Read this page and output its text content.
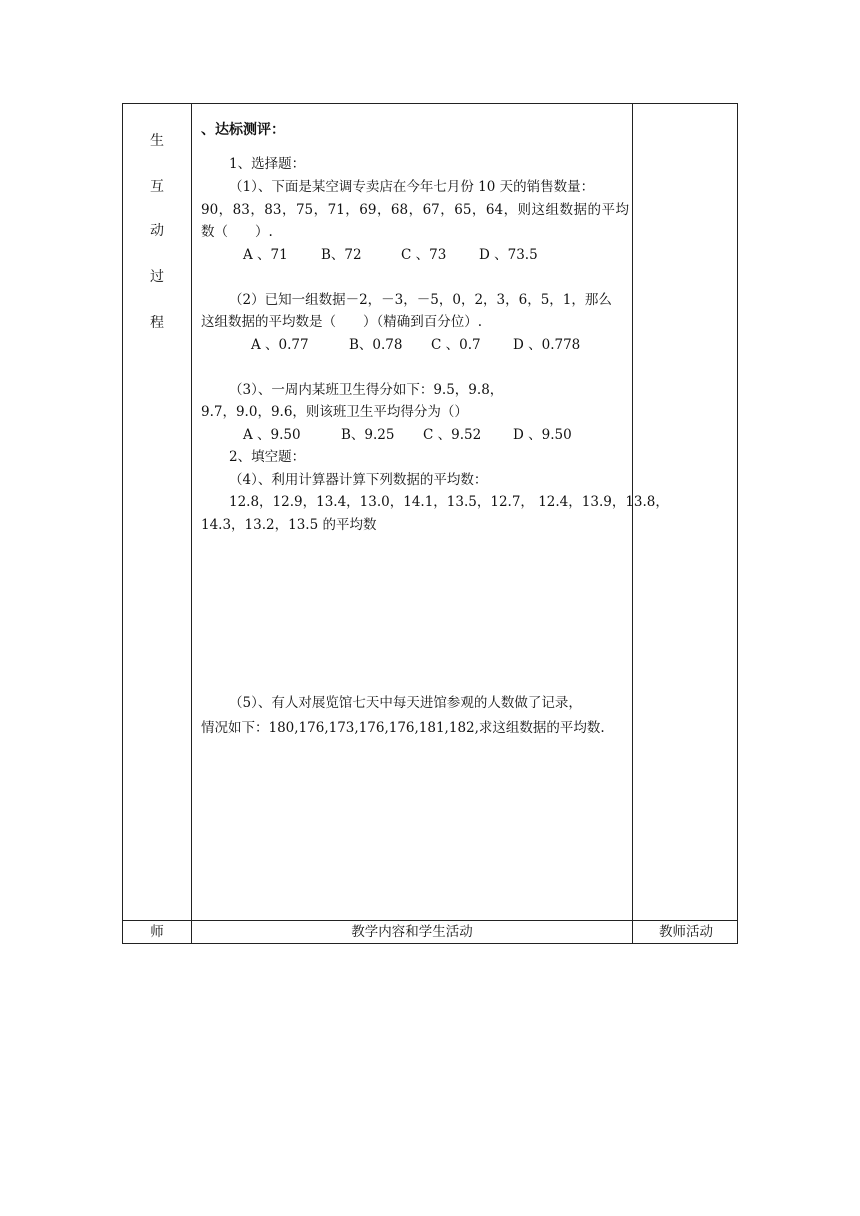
生
互
动
过
程
、达标测评：
1、选择题：
（1）、下面是某空调专卖店在今年七月份 10 天的销售数量：
90，83，83，75，71，69，68，67，65，64，则这组数据的平均
数（　　）.
A 、71 B、72	C 、73 D 、73.5
（2）已知一组数据－2，－3，－5，0，2，3，6，5，1，那么
这组数据的平均数是（　　）（精确到百分位）.
A 、0.77	B、0.78 C 、0.7 D 、0.778
（3）、一周内某班卫生得分如下：9.5，9.8，
9.7，9.0，9.6，则该班卫生平均得分为（）
A 、9.50	B、9.25 C 、9.52 D 、9.50
2、填空题：
（4）、利用计算器计算下列数据的平均数：
12.8，12.9，13.4，13.0，14.1，13.5，12.7， 12.4，13.9，13.8，
14.3，13.2，13.5 的平均数
（5）、有人对展览馆七天中每天进馆参观的人数做了记录，
情况如下：180,176,173,176,176,181,182,求这组数据的平均数.
师	教学内容和学生活动	教师活动
